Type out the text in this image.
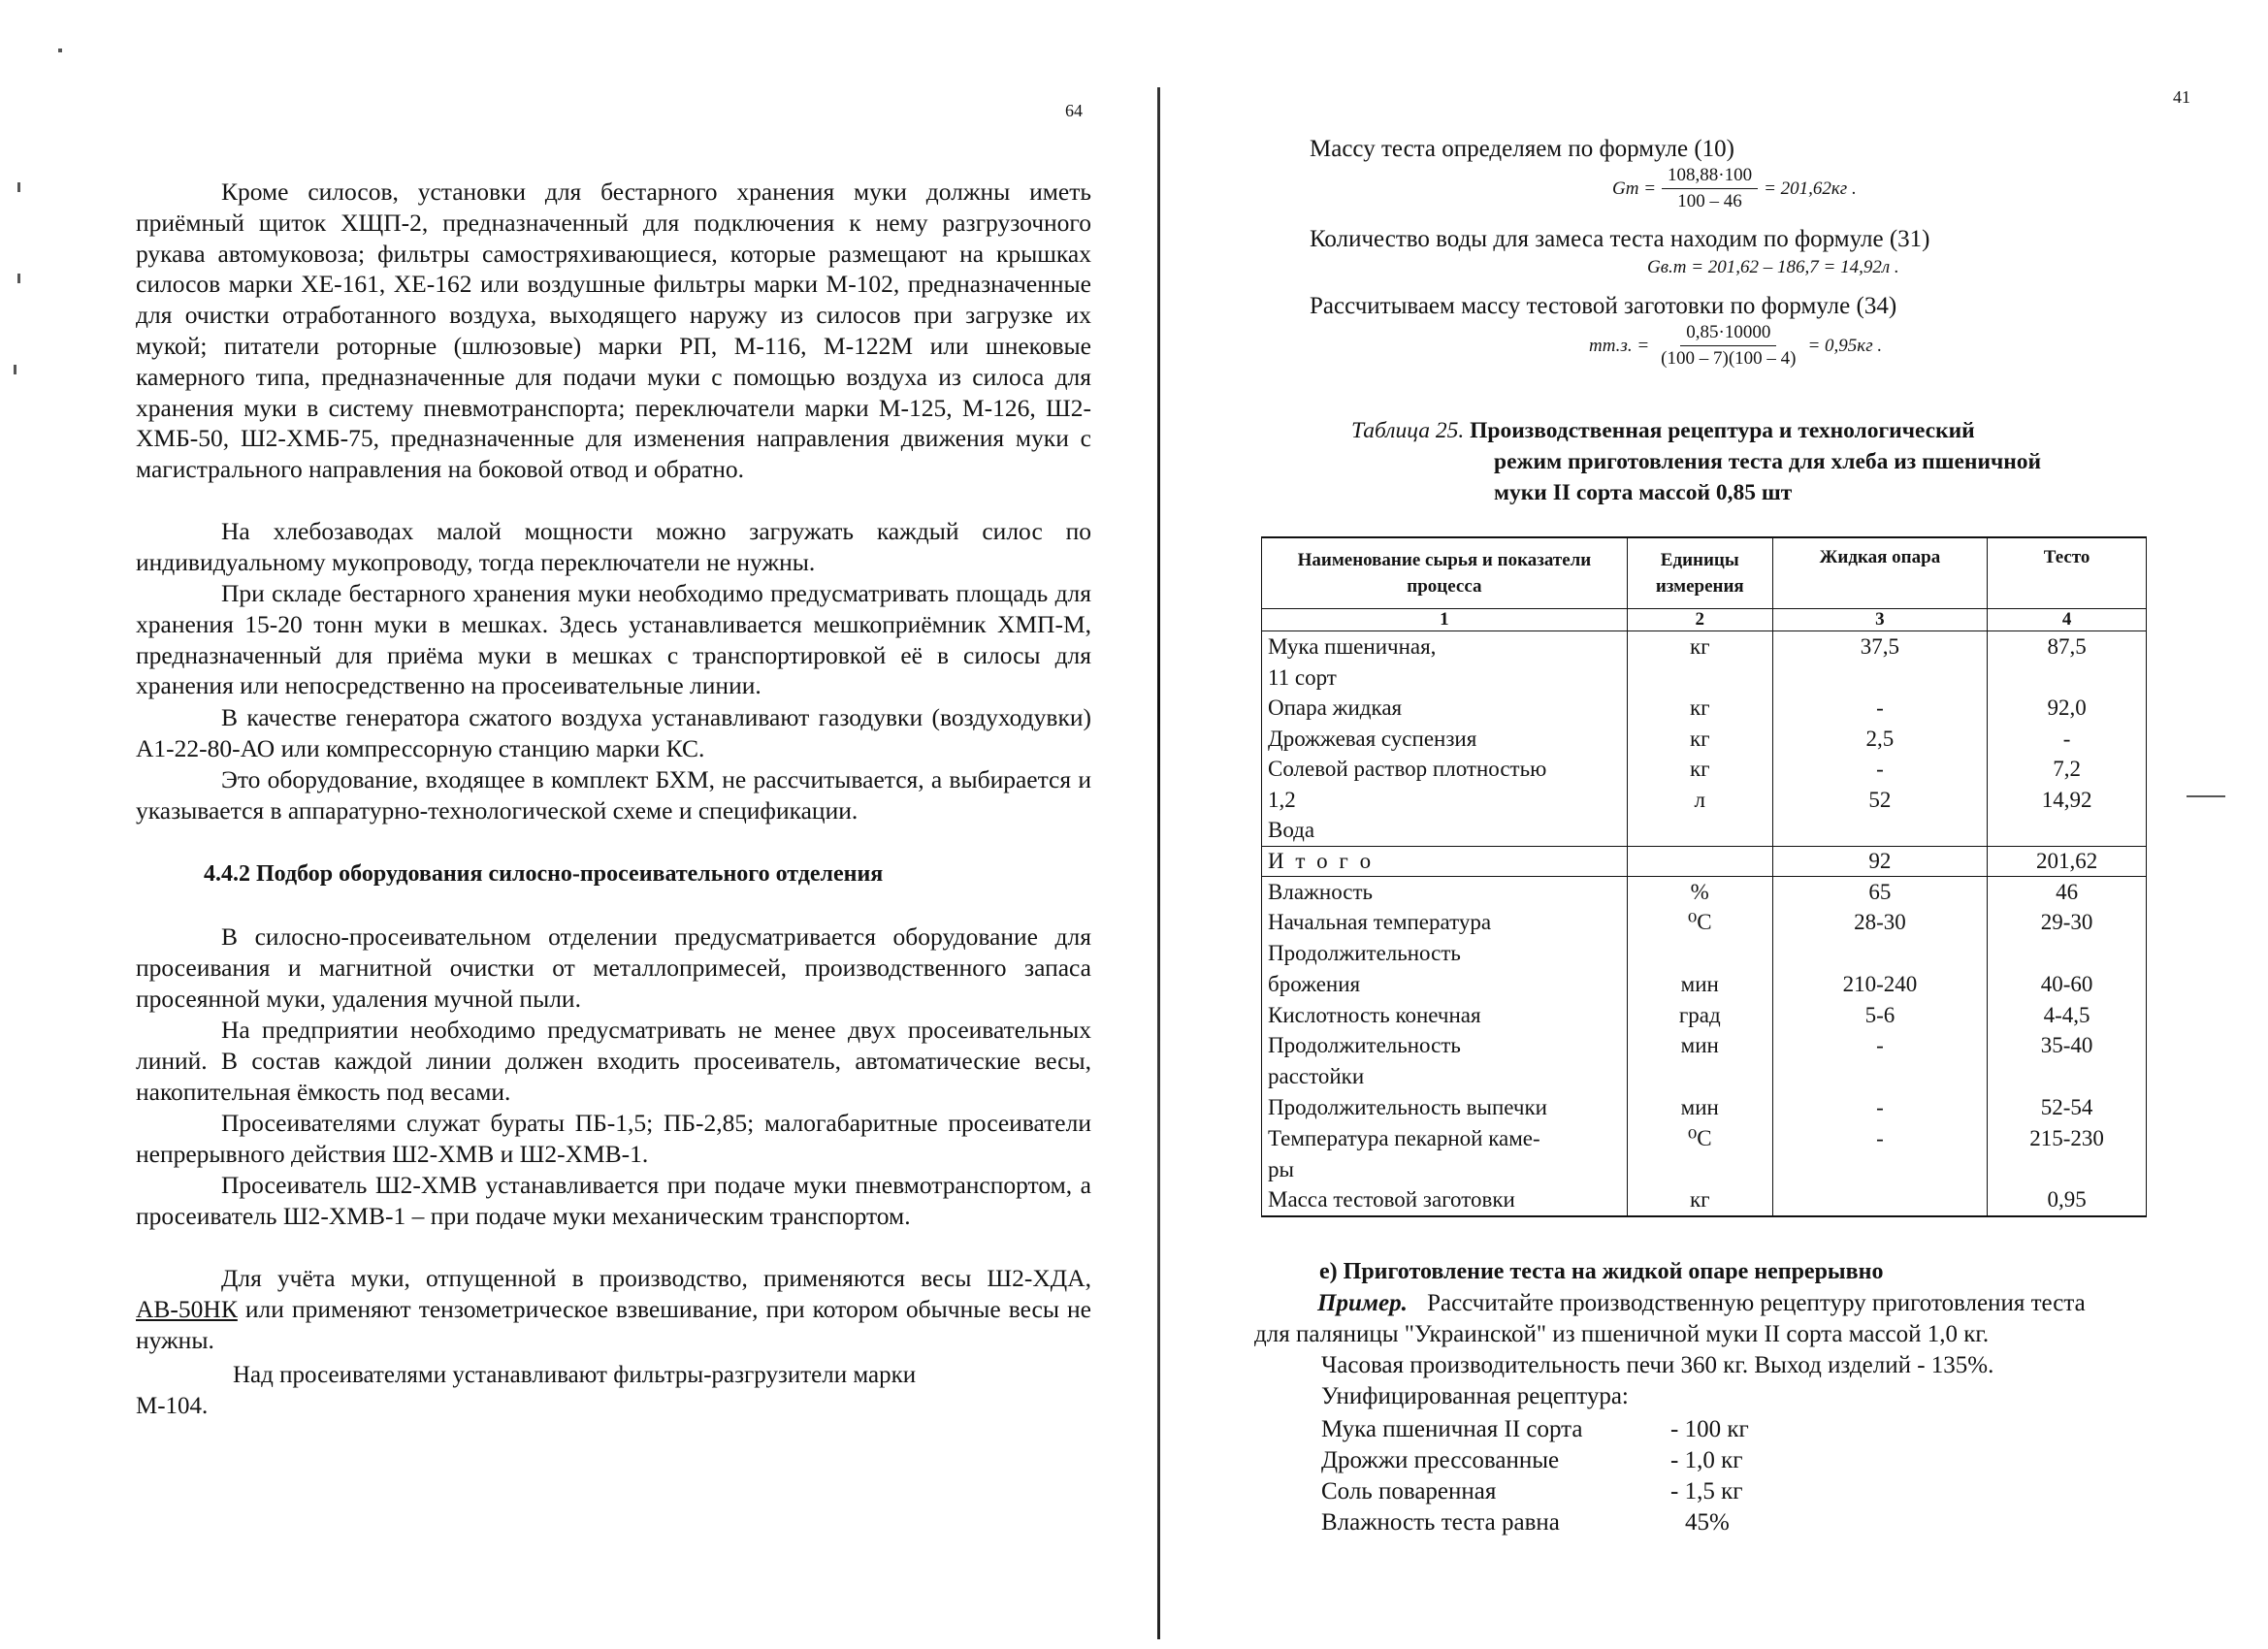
64

Кроме силосов, установки для бестарного хранения муки должны иметь приёмный щиток ХЩП-2, предназначенный для подключения к нему разгрузочного рукава автомуковоза; фильтры самостряхивающиеся, которые размещают на крышках силосов марки ХЕ-161, ХЕ-162 или воздушные фильтры марки М-102, предназначенные для очистки отработанного воздуха, выходящего наружу из силосов при загрузке их мукой; питатели роторные (шлюзовые) марки РП, М-116, М-122М или шнековые камерного типа, предназначенные для подачи муки с помощью воздуха из силоса для хранения муки в систему пневмотранспорта; переключатели марки М-125, М-126, Ш2-ХМБ-50, Ш2-ХМБ-75, предназначенные для изменения направления движения муки с магистрального направления на боковой отвод и обратно.

На хлебозаводах малой мощности можно загружать каждый силос по индивидуальному мукопроводу, тогда переключатели не нужны.

При складе бестарного хранения муки необходимо предусматривать площадь для хранения 15-20 тонн муки в мешках. Здесь устанавливается мешкоприёмник ХМП-М, предназначенный для приёма муки в мешках с транспортировкой её в силосы для хранения или непосредственно на просеивательные линии.

В качестве генератора сжатого воздуха устанавливают газодувки (воздуходувки) А1-22-80-АО или компрессорную станцию марки КС.

Это оборудование, входящее в комплект БХМ, не рассчитывается, а выбирается и указывается в аппаратурно-технологической схеме и спецификации.

4.4.2 Подбор оборудования силосно-просеивательного отделения

В силосно-просеивательном отделении предусматривается оборудование для просеивания и магнитной очистки от металлопримесей, производственного запаса просеянной муки, удаления мучной пыли.

На предприятии необходимо предусматривать не менее двух просеивательных линий. В состав каждой линии должен входить просеиватель, автоматические весы, накопительная ёмкость под весами.

Просеивателями служат бураты ПБ-1,5; ПБ-2,85; малогабаритные просеиватели непрерывного действия Ш2-ХМВ и Ш2-ХМВ-1.

Просеиватель Ш2-ХМВ устанавливается при подаче муки пневмотранспортом, а просеиватель Ш2-ХМВ-1 – при подаче муки механическим транспортом.

Для учёта муки, отпущенной в производство, применяются весы Ш2-ХДА, АВ-50НК или применяют тензометрическое взвешивание, при котором обычные весы не нужны.

Над просеивателями устанавливают фильтры-разгрузители марки
М-104.
41
Массу теста определяем по формуле (10)
$Gm = \frac{108,88\cdot 100}{100 - 46} = 201,62кг$ .
Количество воды для замеса теста находим по формуле (31)
Gв.т = 201,62 – 186,7 = 14,92л .
Рассчитываем массу тестовой заготовки по формуле (34)
mт.з. = $\frac{0,85\cdot 10000}{(100 - 7)(100 - 4)} = 0,95кг$ .
Таблица 25. Производственная рецептура и технологический
режим приготовления теста для хлеба из пшеничной
муки II сорта массой 0,85 шт
Наименование сырья и показатели процесса	Единицы измерения	Жидкая опара	Тесто
1	2	3	4
Мука пшеничная,	кг	37,5	87,5
11 сорт			
Опара жидкая	кг	-	92,0
Дрожжевая суспензия	кг	2,5	-
Солевой раствор плотностью	кг	-	7,2
1,2	л	52	14,92
Вода			
И т о г о		92	201,62
Влажность	%	65	46
Начальная температура	⁰С	28-30	29-30
Продолжительность			
брожения	мин	210-240	40-60
Кислотность конечная	град	5-6	4-4,5
Продолжительность	мин	-	35-40
расстойки			
Продолжительность выпечки	мин	-	52-54
Температура пекарной каме-	⁰С	-	215-230
ры			
Масса тестовой заготовки	кг		0,95
е) Приготовление теста на жидкой опаре непрерывно
Пример. Рассчитайте производственную рецептуру приготовления теста
для паляницы "Украинской" из пшеничной муки II сорта массой 1,0 кг.
Часовая производительность печи 360 кг. Выход изделий - 135%.
Унифицированная рецептура:
Мука пшеничная II сорта	- 100 кг
Дрожжи прессованные	- 1,0 кг
Соль поваренная	- 1,5 кг
Влажность теста равна	45%
